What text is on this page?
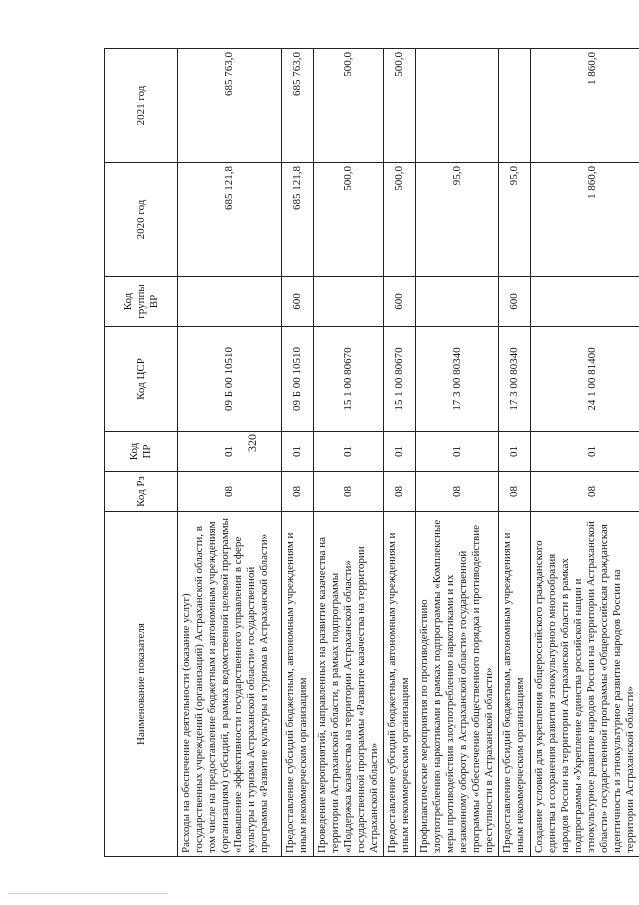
320
Наименование показателя	Код Рз	Код ПР	Код ЦСР	Код группы ВР	2020 год	2021 год
Расходы на обеспечение деятельности (оказание услуг) государственных учреждений (организаций) Астраханской области, в том числе на предоставление бюджетным и автономным учреждениям (организациям) субсидий, в рамках ведомственной целевой программы «Повышение эффективности государственного управления в сфере культуры и туризма Астраханской области» государственной программы «Развитие культуры и туризма в Астраханской области»	08	01	09 Б 00 10510		685 121,8	685 763,0
Предоставление субсидий бюджетным, автономным учреждениям и иным некоммерческим организациям	08	01	09 Б 00 10510	600	685 121,8	685 763,0
Проведение мероприятий, направленных на развитие казачества на территории Астраханской области, в рамках подпрограммы «Поддержка казачества на территории Астраханской области» государственной программы «Развитие казачества на территории Астраханской области»	08	01	15 1 00 80670		500,0	500,0
Предоставление субсидий бюджетным, автономным учреждениям и иным некоммерческим организациям	08	01	15 1 00 80670	600	500,0	500,0
Профилактические мероприятия по противодействию злоупотреблению наркотиками в рамках подпрограммы «Комплексные меры противодействия злоупотреблению наркотиками и их незаконному обороту в Астраханской области» государственной программы «Обеспечение общественного порядка и противодействие преступности в Астраханской области»	08	01	17 3 00 80340		95,0	
Предоставление субсидий бюджетным, автономным учреждениям и иным некоммерческим организациям	08	01	17 3 00 80340	600	95,0	
Создание условий для укрепления общероссийского гражданского единства и сохранения развития этнокультурного многообразия народов России на территории Астраханской области в рамках подпрограммы «Укрепление единства российской нации и этнокультурное развитие народов России на территории Астраханской области» государственной программы «Общероссийская гражданская идентичность и этнокультурное развитие народов России на территории Астраханской области»	08	01	24 1 00 81400		1 860,0	1 860,0
